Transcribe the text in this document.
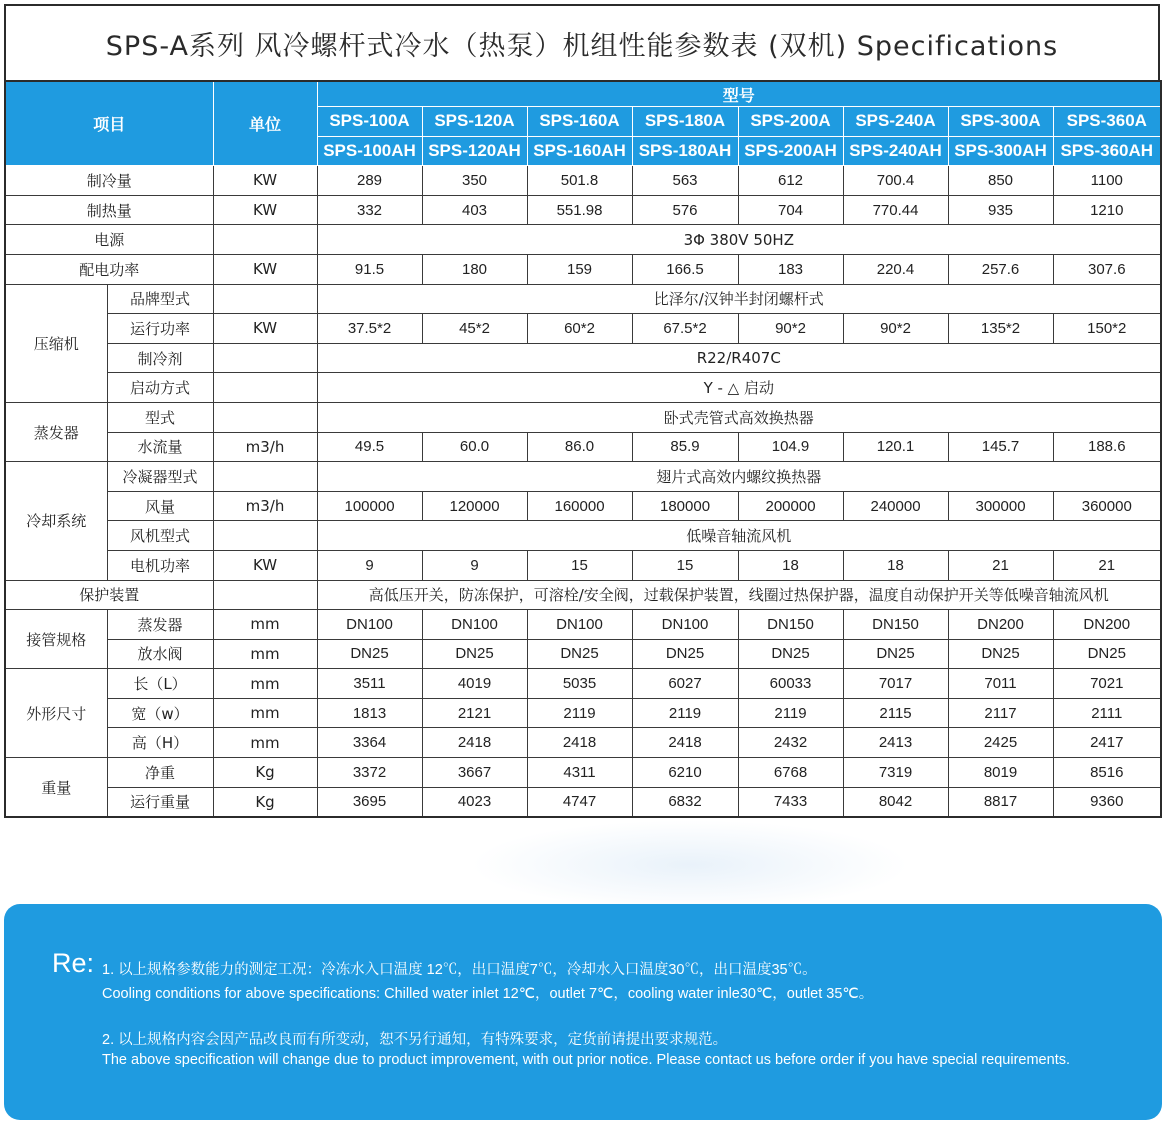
SPS-A系列 风冷螺杆式冷水（热泵）机组性能参数表 (双机) Specifications
项目		单位	型号							
			SPS-100A	SPS-120A	SPS-160A	SPS-180A	SPS-200A	SPS-240A	SPS-300A	SPS-360A
			SPS-100AH	SPS-120AH	SPS-160AH	SPS-180AH	SPS-200AH	SPS-240AH	SPS-300AH	SPS-360AH
制冷量		KW	289	350	501.8	563	612	700.4	850	1100
制热量		KW	332	403	551.98	576	704	770.44	935	1210
电源			3Φ 380V 50HZ							
配电功率		KW	91.5	180	159	166.5	183	220.4	257.6	307.6
压缩机	品牌型式		比泽尔/汉钟半封闭螺杆式							
	运行功率	KW	37.5*2	45*2	60*2	67.5*2	90*2	90*2	135*2	150*2
	制冷剂		R22/R407C							
	启动方式		Y - △ 启动							
蒸发器	型式		卧式壳管式高效换热器							
	水流量	m3/h	49.5	60.0	86.0	85.9	104.9	120.1	145.7	188.6
冷却系统	冷凝器型式		翅片式高效内螺纹换热器							
	风量	m3/h	100000	120000	160000	180000	200000	240000	300000	360000
	风机型式		低噪音轴流风机							
	电机功率	KW	9	9	15	15	18	18	21	21
保护装置			高低压开关，防冻保护，可溶栓/安全阀，过载保护装置，线圈过热保护器，温度自动保护开关等低噪音轴流风机							
接管规格	蒸发器	mm	DN100	DN100	DN100	DN100	DN150	DN150	DN200	DN200
	放水阀	mm	DN25	DN25	DN25	DN25	DN25	DN25	DN25	DN25
外形尺寸	长（L）	mm	3511	4019	5035	6027	60033	7017	7011	7021
	宽（w）	mm	1813	2121	2119	2119	2119	2115	2117	2111
	高（H）	mm	3364	2418	2418	2418	2432	2413	2425	2417
重量	净重	Kg	3372	3667	4311	6210	6768	7319	8019	8516
	运行重量	Kg	3695	4023	4747	6832	7433	8042	8817	9360
Re: 1. 以上规格参数能力的测定工况：冷冻水入口温度 12℃，出口温度7℃，冷却水入口温度30℃，出口温度35℃。
Cooling conditions for above specifications: Chilled water inlet 12℃，outlet 7℃，cooling water inle30℃，outlet 35℃。
2. 以上规格内容会因产品改良而有所变动，恕不另行通知，有特殊要求，定货前请提出要求规范。
The above specification will change due to product improvement, with out prior notice. Please contact us before order if you have special requirements.
